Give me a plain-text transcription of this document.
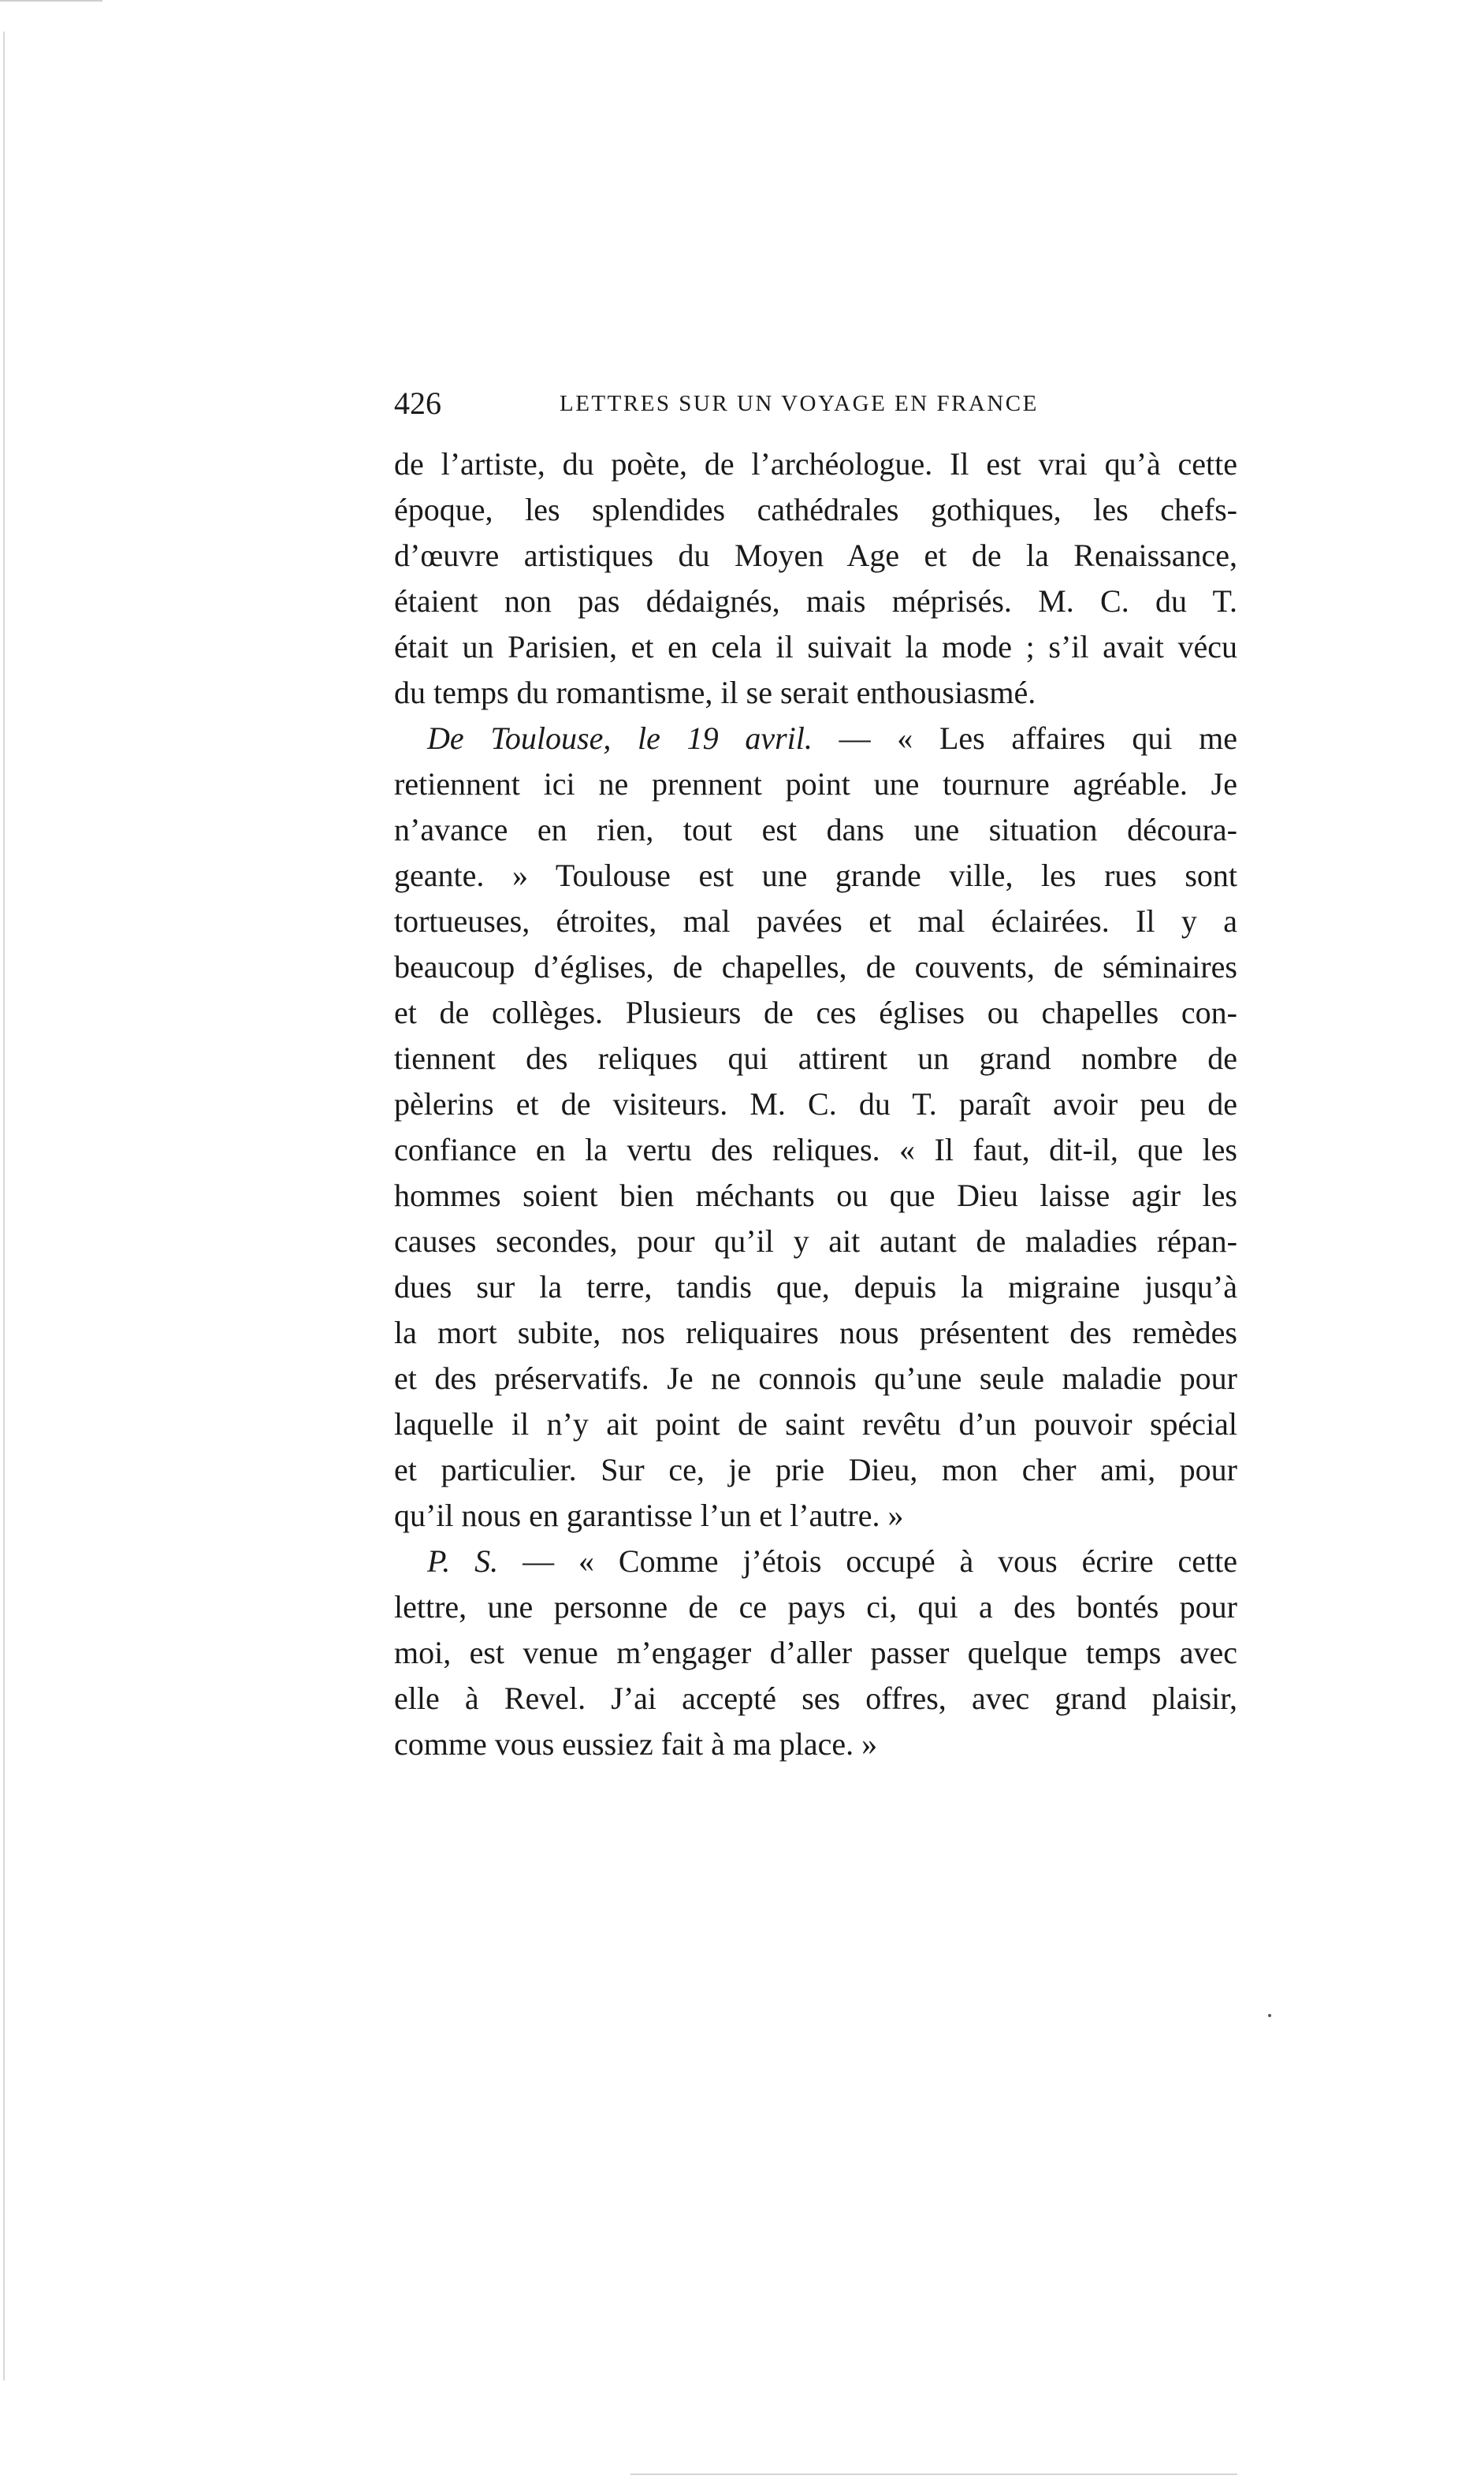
426	LETTRES SUR UN VOYAGE EN FRANCE
de l’artiste, du poète, de l’archéologue. Il est vrai qu’à cette
époque, les splendides cathédrales gothiques, les chefs-
d’œuvre artistiques du Moyen Age et de la Renaissance,
étaient non pas dédaignés, mais méprisés. M. C. du T.
était un Parisien, et en cela il suivait la mode ; s’il avait vécu
du temps du romantisme, il se serait enthousiasmé.
De Toulouse, le 19 avril. — « Les affaires qui me
retiennent ici ne prennent point une tournure agréable. Je
n’avance en rien, tout est dans une situation découra-
geante. » Toulouse est une grande ville, les rues sont
tortueuses, étroites, mal pavées et mal éclairées. Il y a
beaucoup d’églises, de chapelles, de couvents, de séminaires
et de collèges. Plusieurs de ces églises ou chapelles con-
tiennent des reliques qui attirent un grand nombre de
pèlerins et de visiteurs. M. C. du T. paraît avoir peu de
confiance en la vertu des reliques. « Il faut, dit-il, que les
hommes soient bien méchants ou que Dieu laisse agir les
causes secondes, pour qu’il y ait autant de maladies répan-
dues sur la terre, tandis que, depuis la migraine jusqu’à
la mort subite, nos reliquaires nous présentent des remèdes
et des préservatifs. Je ne connois qu’une seule maladie pour
laquelle il n’y ait point de saint revêtu d’un pouvoir spécial
et particulier. Sur ce, je prie Dieu, mon cher ami, pour
qu’il nous en garantisse l’un et l’autre. »
P. S. — « Comme j’étois occupé à vous écrire cette
lettre, une personne de ce pays ci, qui a des bontés pour
moi, est venue m’engager d’aller passer quelque temps avec
elle à Revel. J’ai accepté ses offres, avec grand plaisir,
comme vous eussiez fait à ma place. »
